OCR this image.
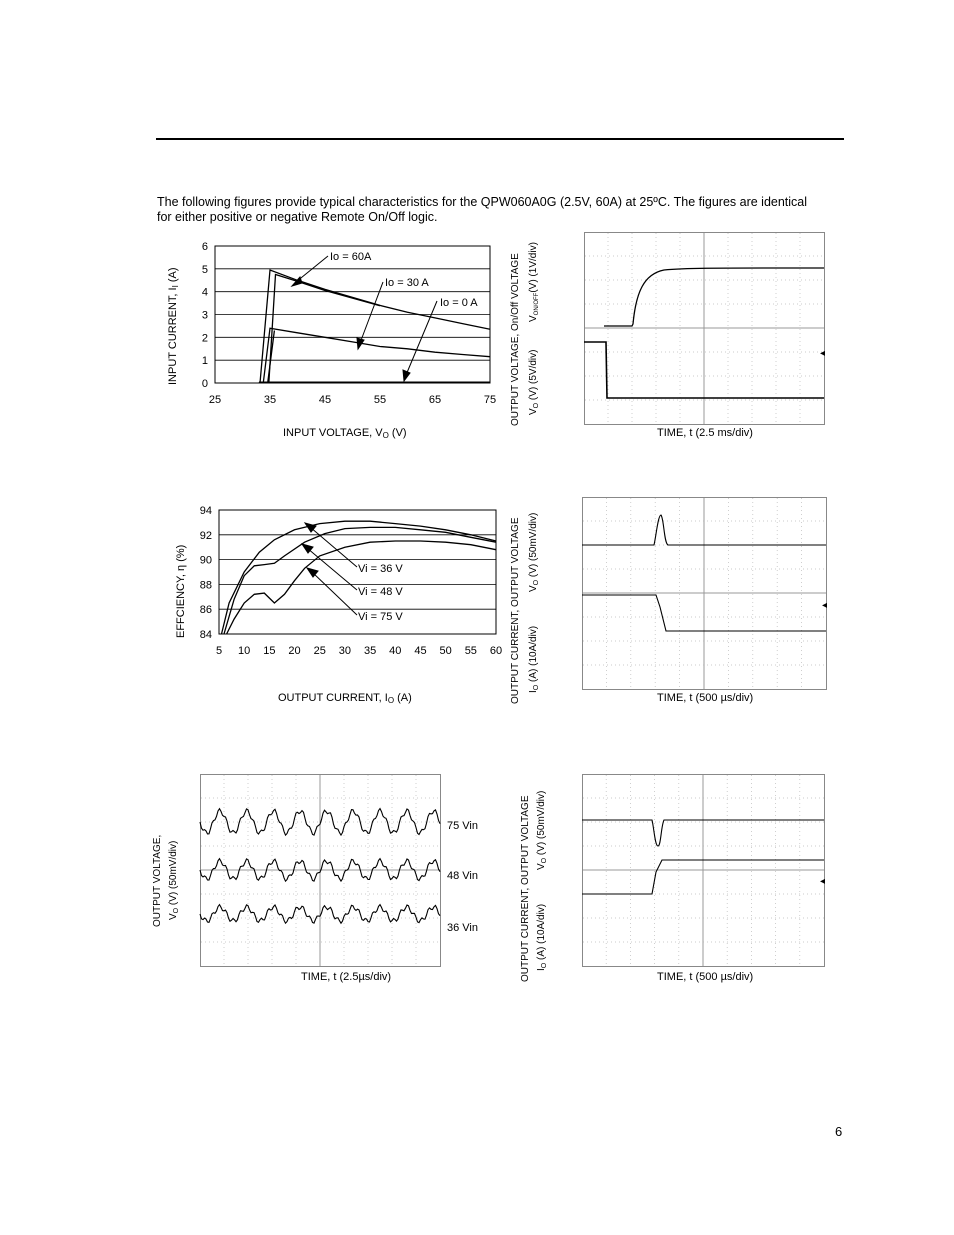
The following figures provide typical characteristics for the QPW060A0G (2.5V, 60A) at 25ºC. The figures are identical for either positive or negative Remote On/Off logic.
0
1
2
3
4
5
6
25	35	45	55	65	75
Io = 60A
Io = 30 A
Io = 0 A
INPUT VOLTAGE, VO (V)
INPUT CURRENT, II (A)
84
86
88
90
92
94
5 10 15 20 25 30 35 40 45 50 55 60
Vi = 36 V
Vi = 48 V
Vi = 75 V
OUTPUT CURRENT, IO (A)
EFFCIENCY, η (%)
◂
OUTPUT VOLTAGE, On/Off VOLTAGE $V_O$ (V) (5V/div)
$V_{ON/OFF}(V)$ (1V/div)
TIME, t (2.5 ms/div)
◂
OUTPUT CURRENT, OUTPUT VOLTAGE $I_O$ (A) (10A/div)
$V_O$ (V) (50mV/div)
TIME, t (500 µs/div)
75 Vin
48 Vin
36 Vin
OUTPUT VOLTAGE, $V_O$ (V) (50mV/div)
TIME, t (2.5µs/div)
◂
OUTPUT CURRENT, OUTPUT VOLTAGE $I_O$ (A) (10A/div)
$V_O$ (V) (50mV/div)
TIME, t (500 µs/div)
6
